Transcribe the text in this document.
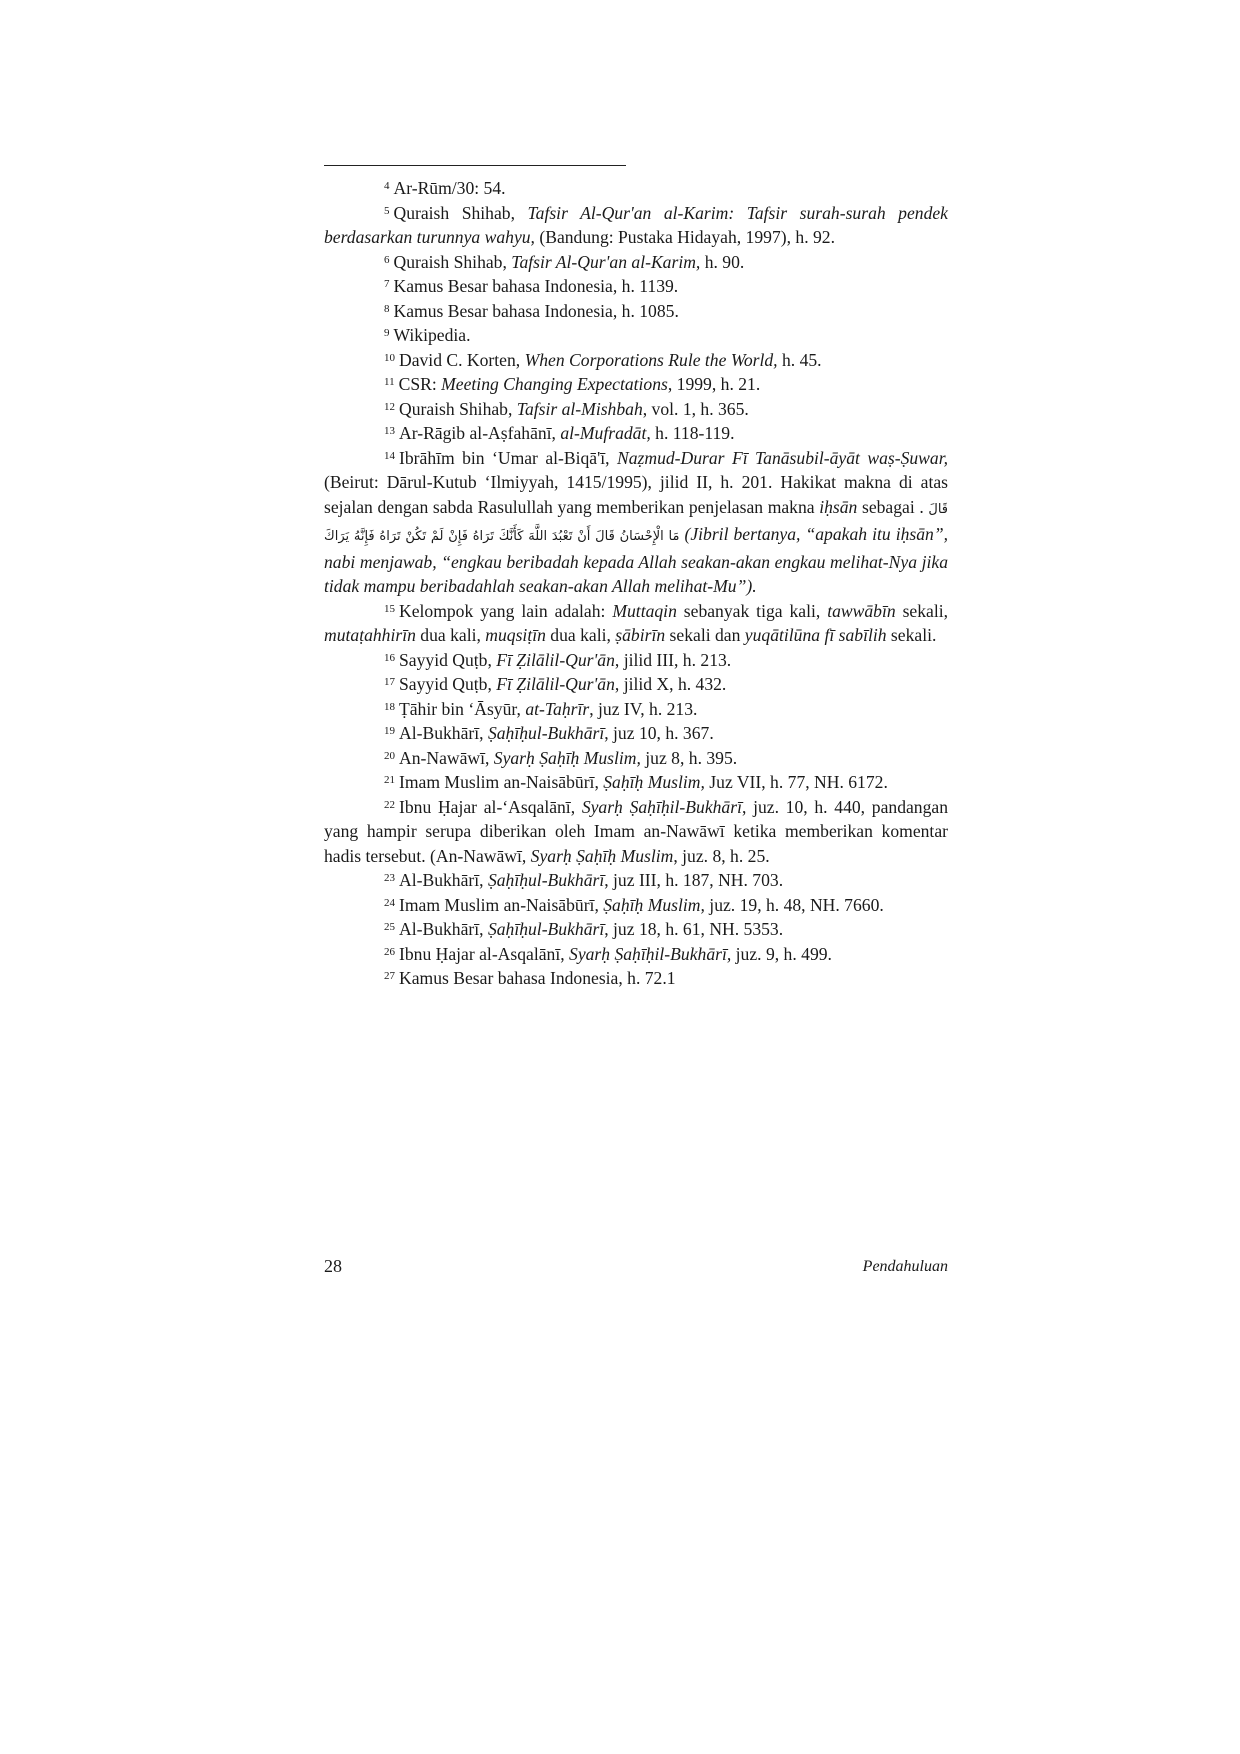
$^4$ Ar-Rūm/30: 54.

$^5$ Quraish Shihab, Tafsir Al-Qur'an al-Karim: Tafsir surah-surah pendek berdasarkan turunnya wahyu, (Bandung: Pustaka Hidayah, 1997), h. 92.

$^6$ Quraish Shihab, Tafsir Al-Qur'an al-Karim, h. 90.

$^7$ Kamus Besar bahasa Indonesia, h. 1139.

$^8$ Kamus Besar bahasa Indonesia, h. 1085.

$^9$ Wikipedia.

$^{10}$ David C. Korten, When Corporations Rule the World, h. 45.

$^{11}$ CSR: Meeting Changing Expectations, 1999, h. 21.

$^{12}$ Quraish Shihab, Tafsir al-Mishbah, vol. 1, h. 365.

$^{13}$ Ar-Rāgib al-Aṣfahānī, al-Mufradāt, h. 118-119.

$^{14}$ Ibrāhīm bin ‘Umar al-Biqā'ī, Naẓmud-Durar Fī Tanāsubil-āyāt waṣ-Ṣuwar, (Beirut: Dārul-Kutub ‘Ilmiyyah, 1415/1995), jilid II, h. 201. Hakikat makna di atas sejalan dengan sabda Rasulullah yang memberikan penjelasan makna iḥsān sebagai . قَالَ مَا الْإِحْسَانُ قَالَ أَنْ تَعْبُدَ اللَّهَ كَأَنَّكَ تَرَاهُ فَإِنْ لَمْ تَكُنْ تَرَاهُ فَإِنَّهُ يَرَاكَ (Jibril bertanya, “apakah itu iḥsān”, nabi menjawab, “engkau beribadah kepada Allah seakan-akan engkau melihat-Nya jika tidak mampu beribadahlah seakan-akan Allah melihat-Mu”).

$^{15}$ Kelompok yang lain adalah: Muttaqin sebanyak tiga kali, tawwābīn sekali, mutaṭahhirīn dua kali, muqsiṭīn dua kali, ṣābirīn sekali dan yuqātilūna fī sabīlih sekali.

$^{16}$ Sayyid Quṭb, Fī Ẓilālil-Qur'ān, jilid III, h. 213.

$^{17}$ Sayyid Quṭb, Fī Ẓilālil-Qur'ān, jilid X, h. 432.

$^{18}$ Ṭāhir bin ‘Āsyūr, at-Taḥrīr, juz IV, h. 213.

$^{19}$ Al-Bukhārī, Ṣaḥīḥul-Bukhārī, juz 10, h. 367.

$^{20}$ An-Nawāwī, Syarḥ Ṣaḥīḥ Muslim, juz 8, h. 395.

$^{21}$ Imam Muslim an-Naisābūrī, Ṣaḥīḥ Muslim, Juz VII, h. 77, NH. 6172.

$^{22}$ Ibnu Ḥajar al-‘Asqalānī, Syarḥ Ṣaḥīḥil-Bukhārī, juz. 10, h. 440, pandangan yang hampir serupa diberikan oleh Imam an-Nawāwī ketika memberikan komentar hadis tersebut. (An-Nawāwī, Syarḥ Ṣaḥīḥ Muslim, juz. 8, h. 25.

$^{23}$ Al-Bukhārī, Ṣaḥīḥul-Bukhārī, juz III, h. 187, NH. 703.

$^{24}$ Imam Muslim an-Naisābūrī, Ṣaḥīḥ Muslim, juz. 19, h. 48, NH. 7660.

$^{25}$ Al-Bukhārī, Ṣaḥīḥul-Bukhārī, juz 18, h. 61, NH. 5353.

$^{26}$ Ibnu Ḥajar al-Asqalānī, Syarḥ Ṣaḥīḥil-Bukhārī, juz. 9, h. 499.

$^{27}$ Kamus Besar bahasa Indonesia, h. 72.1

28	Pendahuluan
